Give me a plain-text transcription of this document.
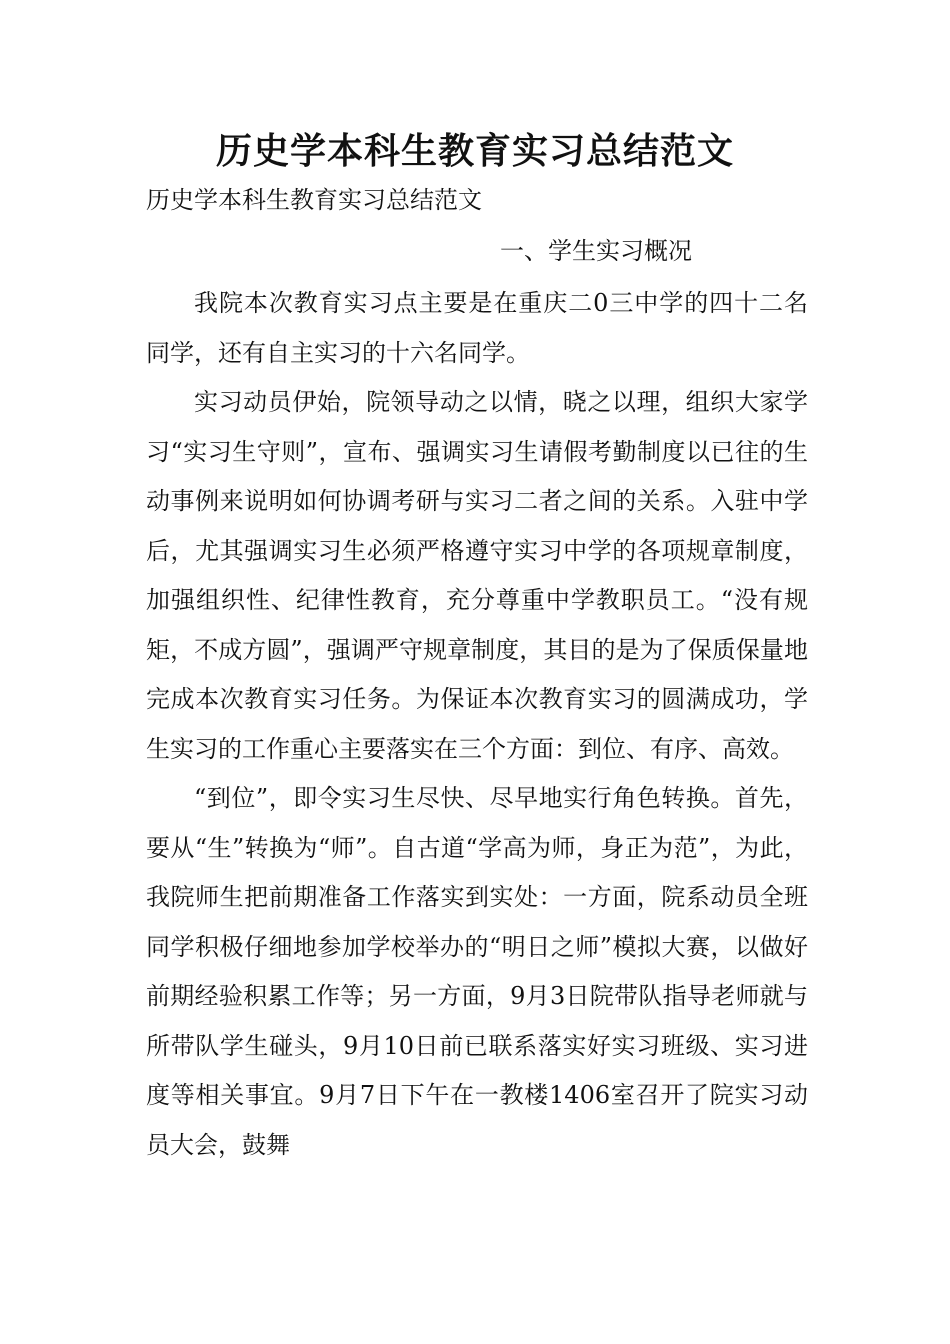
历史学本科生教育实习总结范文

历史学本科生教育实习总结范文

一、学生实习概况

我院本次教育实习点主要是在重庆二0三中学的四十二名同学，还有自主实习的十六名同学。

实习动员伊始，院领导动之以情，晓之以理，组织大家学习“实习生守则”，宣布、强调实习生请假考勤制度以已往的生动事例来说明如何协调考研与实习二者之间的关系。入驻中学后，尤其强调实习生必须严格遵守实习中学的各项规章制度，加强组织性、纪律性教育，充分尊重中学教职员工。“没有规矩，不成方圆”，强调严守规章制度，其目的是为了保质保量地完成本次教育实习任务。为保证本次教育实习的圆满成功，学生实习的工作重心主要落实在三个方面：到位、有序、高效。

“到位”，即令实习生尽快、尽早地实行角色转换。首先，要从“生”转换为“师”。自古道“学高为师，身正为范”，为此，我院师生把前期准备工作落实到实处：一方面，院系动员全班同学积极仔细地参加学校举办的“明日之师”模拟大赛，以做好前期经验积累工作等；另一方面，9月3日院带队指导老师就与所带队学生碰头，9月10日前已联系落实好实习班级、实习进度等相关事宜。9月7日下午在一教楼1406室召开了院实习动员大会，鼓舞
